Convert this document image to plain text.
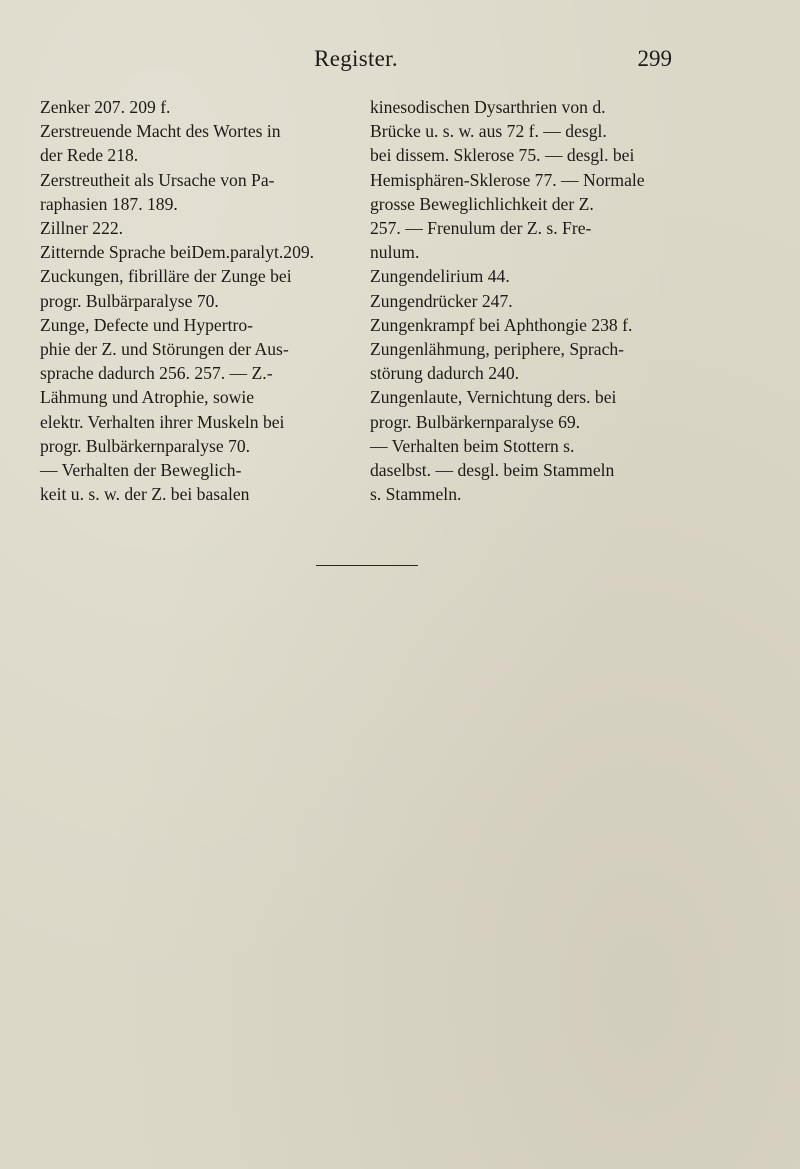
Register.	299
Zenker 207. 209 f.
Zerstreuende Macht des Wortes in
der Rede 218.
Zerstreutheit als Ursache von Pa-
raphasien 187. 189.
Zillner 222.
Zitternde Sprache beiDem.paralyt.209.
Zuckungen, fibrilläre der Zunge bei
progr. Bulbärparalyse 70.
Zunge, Defecte und Hypertro-
phie der Z. und Störungen der Aus-
sprache dadurch 256. 257. — Z.-
Lähmung und Atrophie, sowie
elektr. Verhalten ihrer Muskeln bei
progr. Bulbärkernparalyse 70.
— Verhalten der Beweglich-
keit u. s. w. der Z. bei basalen
kinesodischen Dysarthrien von d.
Brücke u. s. w. aus 72 f. — desgl.
bei dissem. Sklerose 75. — desgl. bei
Hemisphären-Sklerose 77. — Normale
grosse Beweglichlichkeit der Z.
257. — Frenulum der Z. s. Fre-
nulum.
Zungendelirium 44.
Zungendrücker 247.
Zungenkrampf bei Aphthongie 238 f.
Zungenlähmung, periphere, Sprach-
störung dadurch 240.
Zungenlaute, Vernichtung ders. bei
progr. Bulbärkernparalyse 69.
— Verhalten beim Stottern s.
daselbst. — desgl. beim Stammeln
s. Stammeln.
